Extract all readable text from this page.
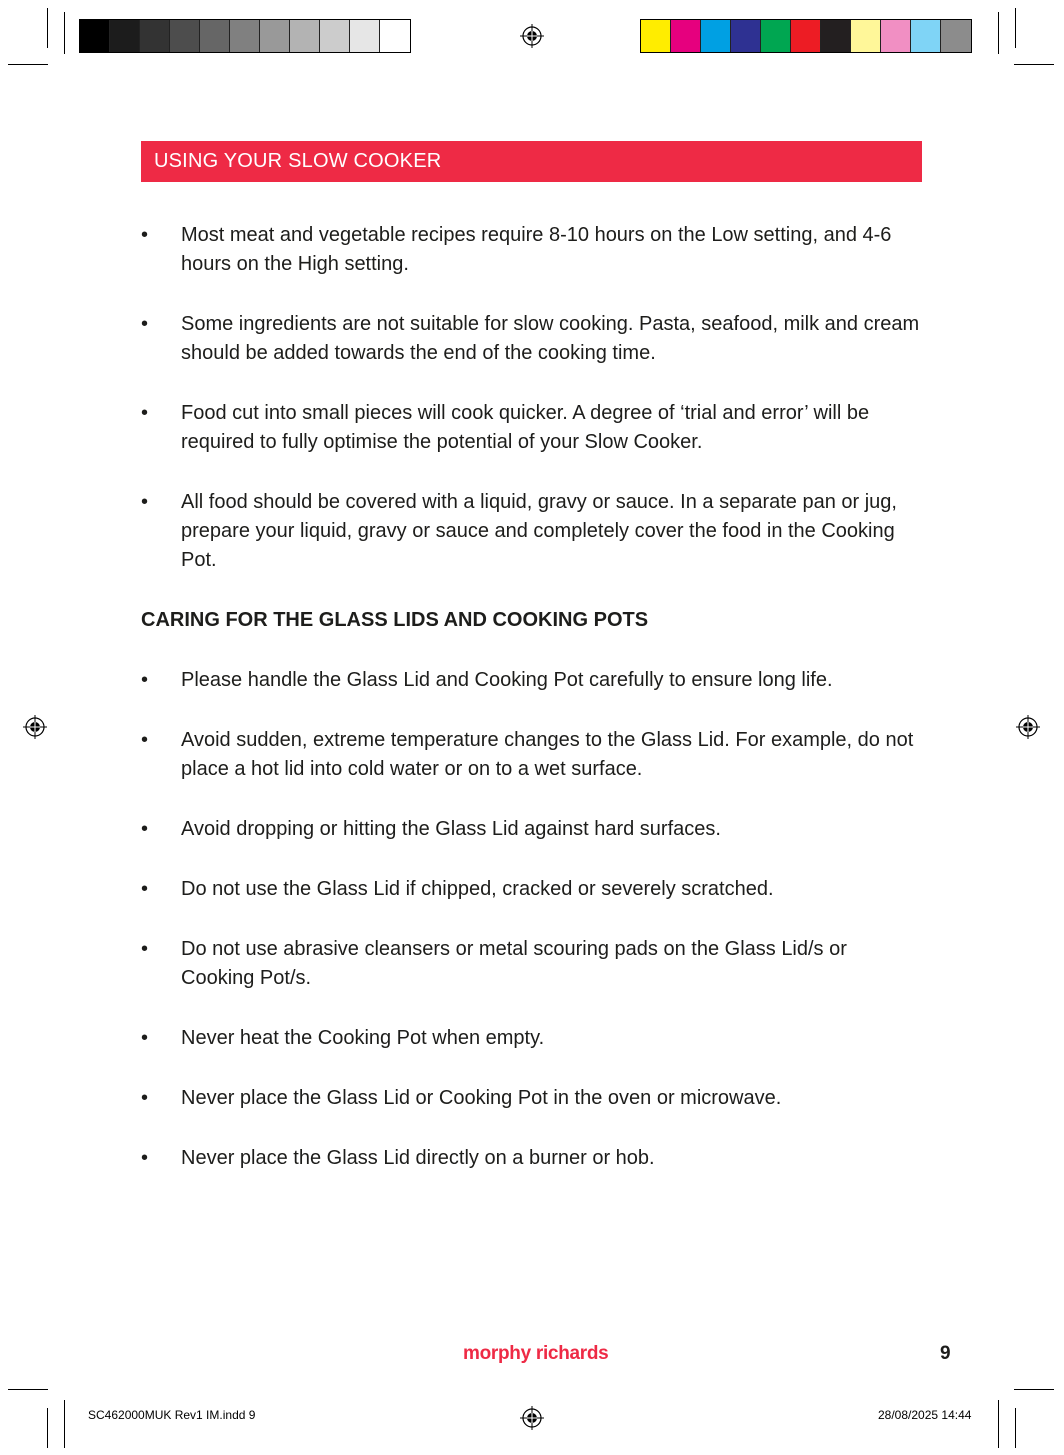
USING YOUR SLOW COOKER
• Most meat and vegetable recipes require 8-10 hours on the Low setting, and 4-6 hours on the High setting.
• Some ingredients are not suitable for slow cooking. Pasta, seafood, milk and cream should be added towards the end of the cooking time.
• Food cut into small pieces will cook quicker. A degree of ‘trial and error’ will be required to fully optimise the potential of your Slow Cooker.
• All food should be covered with a liquid, gravy or sauce. In a separate pan or jug, prepare your liquid, gravy or sauce and completely cover the food in the Cooking Pot.
CARING FOR THE GLASS LIDS AND COOKING POTS
• Please handle the Glass Lid and Cooking Pot carefully to ensure long life.
• Avoid sudden, extreme temperature changes to the Glass Lid. For example, do not place a hot lid into cold water or on to a wet surface.
• Avoid dropping or hitting the Glass Lid against hard surfaces.
• Do not use the Glass Lid if chipped, cracked or severely scratched.
• Do not use abrasive cleansers or metal scouring pads on the Glass Lid/s or Cooking Pot/s.
• Never heat the Cooking Pot when empty.
• Never place the Glass Lid or Cooking Pot in the oven or microwave.
• Never place the Glass Lid directly on a burner or hob.
morphy richards	9
SC462000MUK Rev1 IM.indd 9	28/08/2025 14:44
